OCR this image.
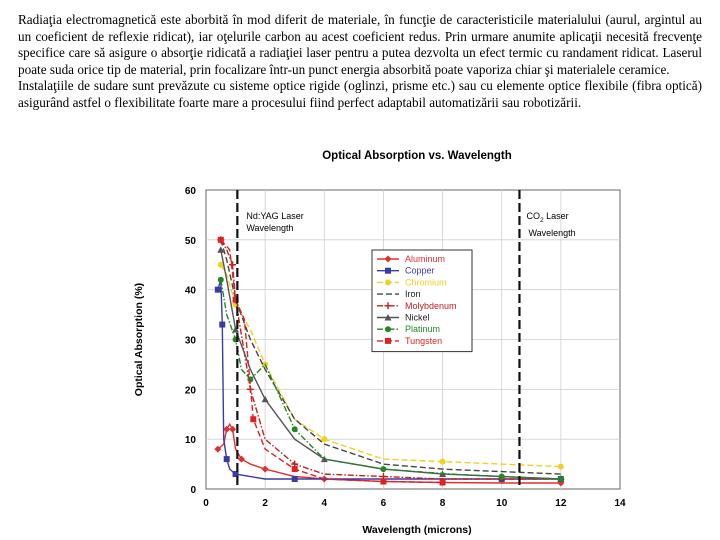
Radiaţia electromagnetică este aborbită în mod diferit de materiale, în funcţie de caracteristicile materialului (aurul, argintul au un coeficient de reflexie ridicat), iar oţelurile carbon au acest coeficient redus. Prin urmare anumite aplicaţii necesită frecvenţe specifice care să asigure o absorţie ridicată a radiaţiei laser pentru a putea dezvolta un efect termic cu randament ridicat. Laserul poate suda orice tip de material, prin focalizare într-un punct energia absorbită poate vaporiza chiar şi materialele ceramice.

Instalaţiile de sudare sunt prevăzute cu sisteme optice rigide (oglinzi, prisme etc.) sau cu elemente optice flexibile (fibra optică) asigurând astfel o flexibilitate foarte mare a procesului fiind perfect adaptabil automatizării sau robotizării.

Nd:YAG Laser
Wavelength
$CO_2$ Laser
Wavelength
Optical Absorption vs. Wavelength
Wavelength (microns)
Optical Absorption (%)
0	2	4	6	8	10	12	14
0
10
20
30
40
50
60
Aluminum
Copper
Chromium
Iron
Molybdenum
Nickel
Platinum
Tungsten
